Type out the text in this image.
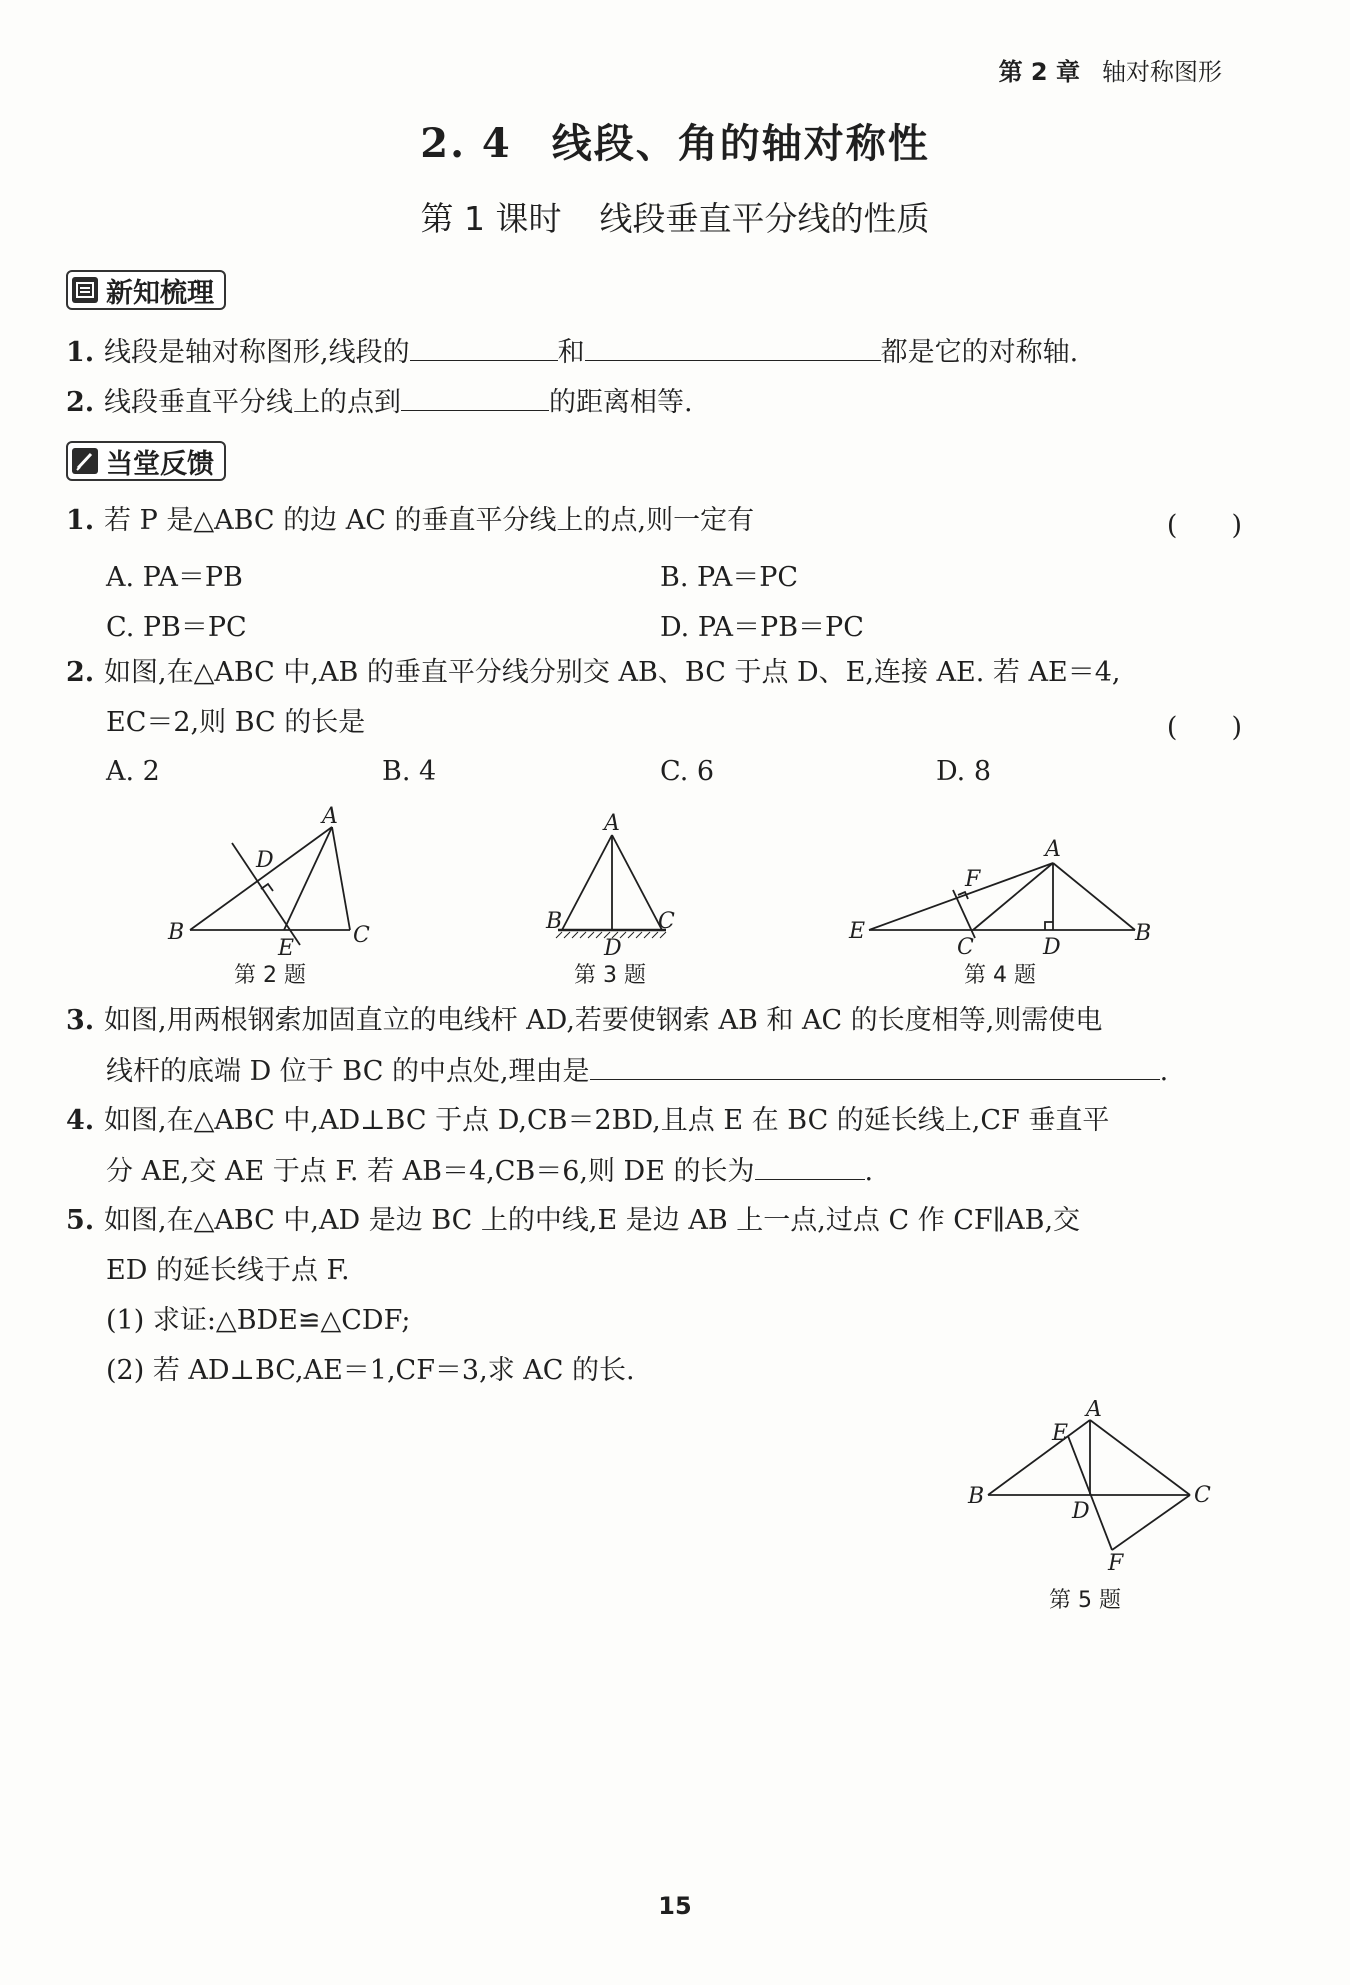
第 2 章 轴对称图形
2. 4 线段、角的轴对称性
第 1 课时 线段垂直平分线的性质
新知梳理
1. 线段是轴对称图形,线段的	和	都是它的对称轴.
2. 线段垂直平分线上的点到	的距离相等.
当堂反馈
1. 若 P 是△ABC 的边 AC 的垂直平分线上的点,则一定有	(　　)
A. PA＝PB	B. PA＝PC
C. PB＝PC	D. PA＝PB＝PC
2. 如图,在△ABC 中,AB 的垂直平分线分别交 AB、BC 于点 D、E,连接 AE. 若 AE＝4,
EC＝2,则 BC 的长是	(　　)
A. 2	B. 4	C. 6	D. 8
A
D
B
E
C
第 2 题
A
B	C
D
第 3 题
A
F
E
C	D
B
第 4 题
3. 如图,用两根钢索加固直立的电线杆 AD,若要使钢索 AB 和 AC 的长度相等,则需使电
线杆的底端 D 位于 BC 的中点处,理由是	.
4. 如图,在△ABC 中,AD⊥BC 于点 D,CB＝2BD,且点 E 在 BC 的延长线上,CF 垂直平
分 AE,交 AE 于点 F. 若 AB＝4,CB＝6,则 DE 的长为	.
5. 如图,在△ABC 中,AD 是边 BC 上的中线,E 是边 AB 上一点,过点 C 作 CF∥AB,交
ED 的延长线于点 F.
(1) 求证:△BDE≌△CDF;
(2) 若 AD⊥BC,AE＝1,CF＝3,求 AC 的长.
A
E
B
D
C
F
第 5 题
15
